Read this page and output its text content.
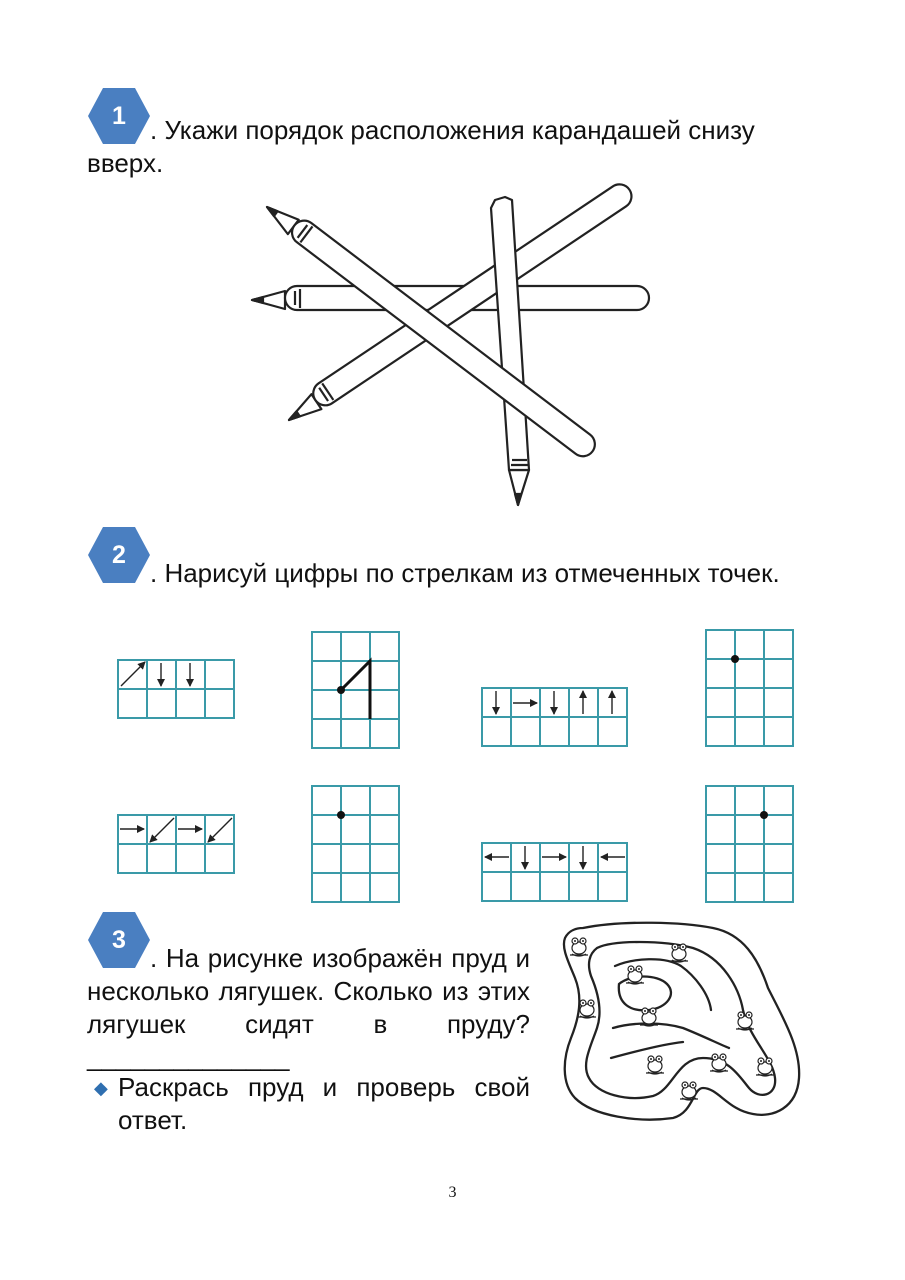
1 . Укажи порядок расположения карандашей снизу вверх.

2

. Нарисуй цифры по стрелкам из отмеченных точек.

3

. На рисунке изображён пруд и несколько лягушек. Сколько из этих лягушек сидят в пруду?______________

◆ Раскрась пруд и проверь свой ответ.

3
